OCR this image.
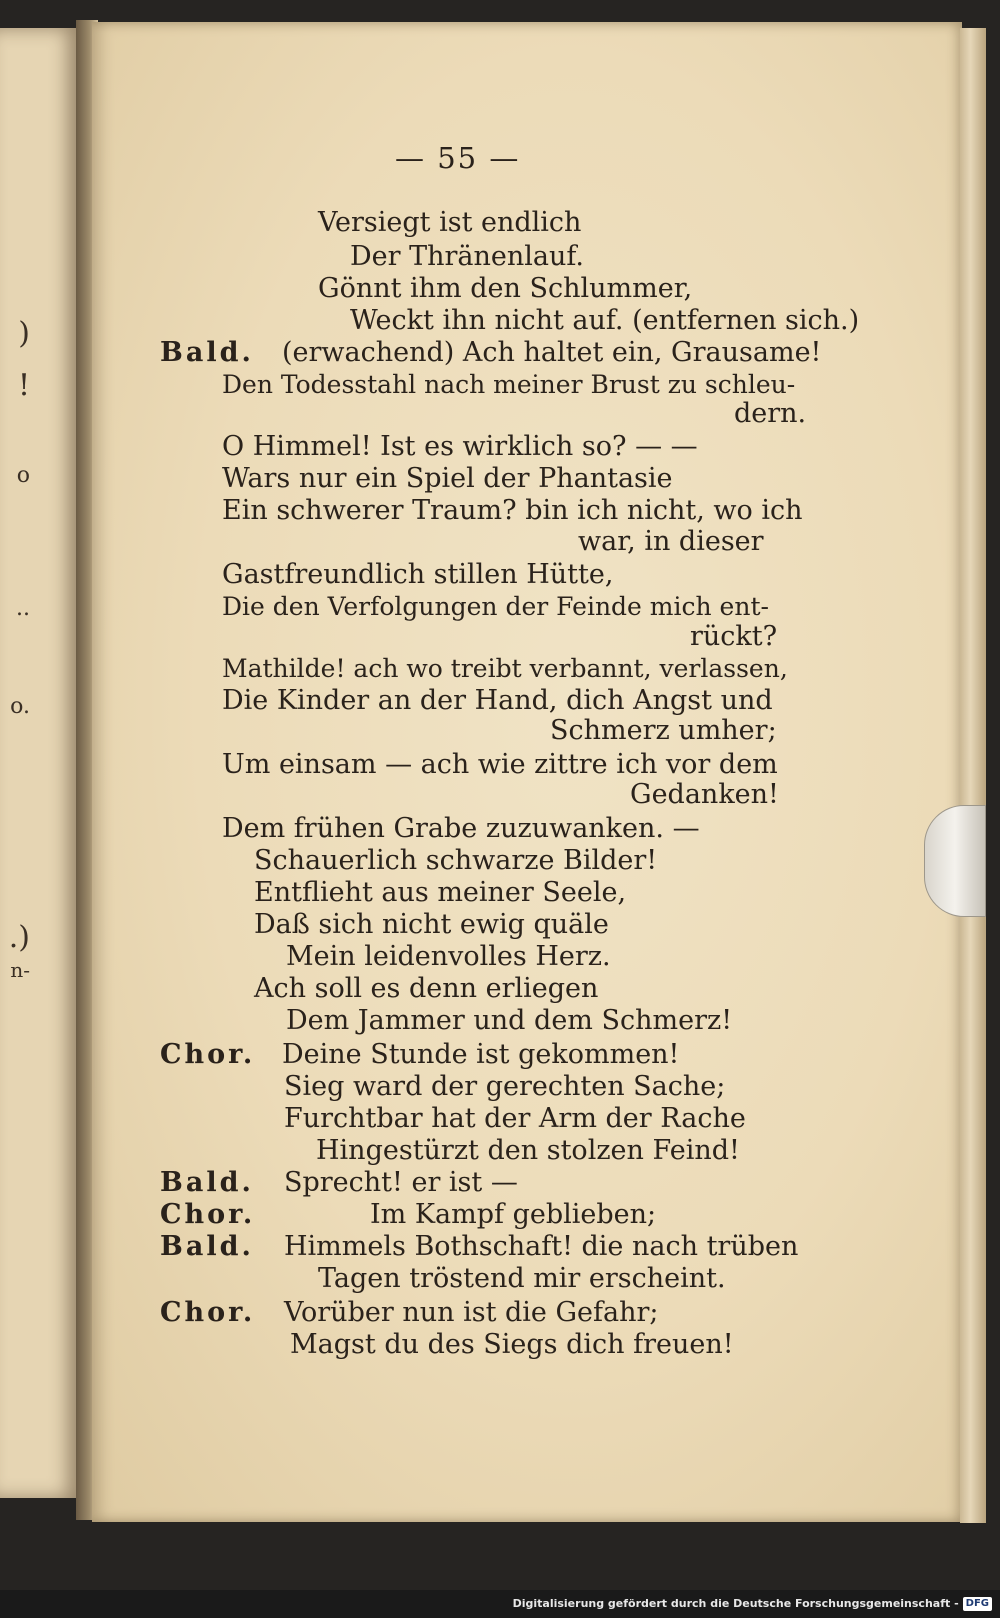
)
!
o
..
o.
.)
n-
— 55 —
Versiegt ist endlich
Der Thränenlauf.
Gönnt ihm den Schlummer,
Weckt ihn nicht auf. (entfernen sich.)
Bald. (erwachend) Ach haltet ein, Grausame!
Den Todesstahl nach meiner Brust zu schleu-
dern.
O Himmel! Ist es wirklich so? — —
Wars nur ein Spiel der Phantasie
Ein schwerer Traum? bin ich nicht, wo ich
war, in dieser
Gastfreundlich stillen Hütte,
Die den Verfolgungen der Feinde mich ent-
rückt?
Mathilde! ach wo treibt verbannt, verlassen,
Die Kinder an der Hand, dich Angst und
Schmerz umher;
Um einsam — ach wie zittre ich vor dem
Gedanken!
Dem frühen Grabe zuzuwanken. —
Schauerlich schwarze Bilder!
Entflieht aus meiner Seele,
Daß sich nicht ewig quäle
Mein leidenvolles Herz.
Ach soll es denn erliegen
Dem Jammer und dem Schmerz!
Chor. Deine Stunde ist gekommen!
Sieg ward der gerechten Sache;
Furchtbar hat der Arm der Rache
Hingestürzt den stolzen Feind!
Bald. Sprecht! er ist —
Chor.	Im Kampf geblieben;
Bald. Himmels Bothschaft! die nach trüben
Tagen tröstend mir erscheint.
Chor. Vorüber nun ist die Gefahr;
Magst du des Siegs dich freuen!
Digitalisierung gefördert durch die Deutsche Forschungsgemeinschaft - DFG
